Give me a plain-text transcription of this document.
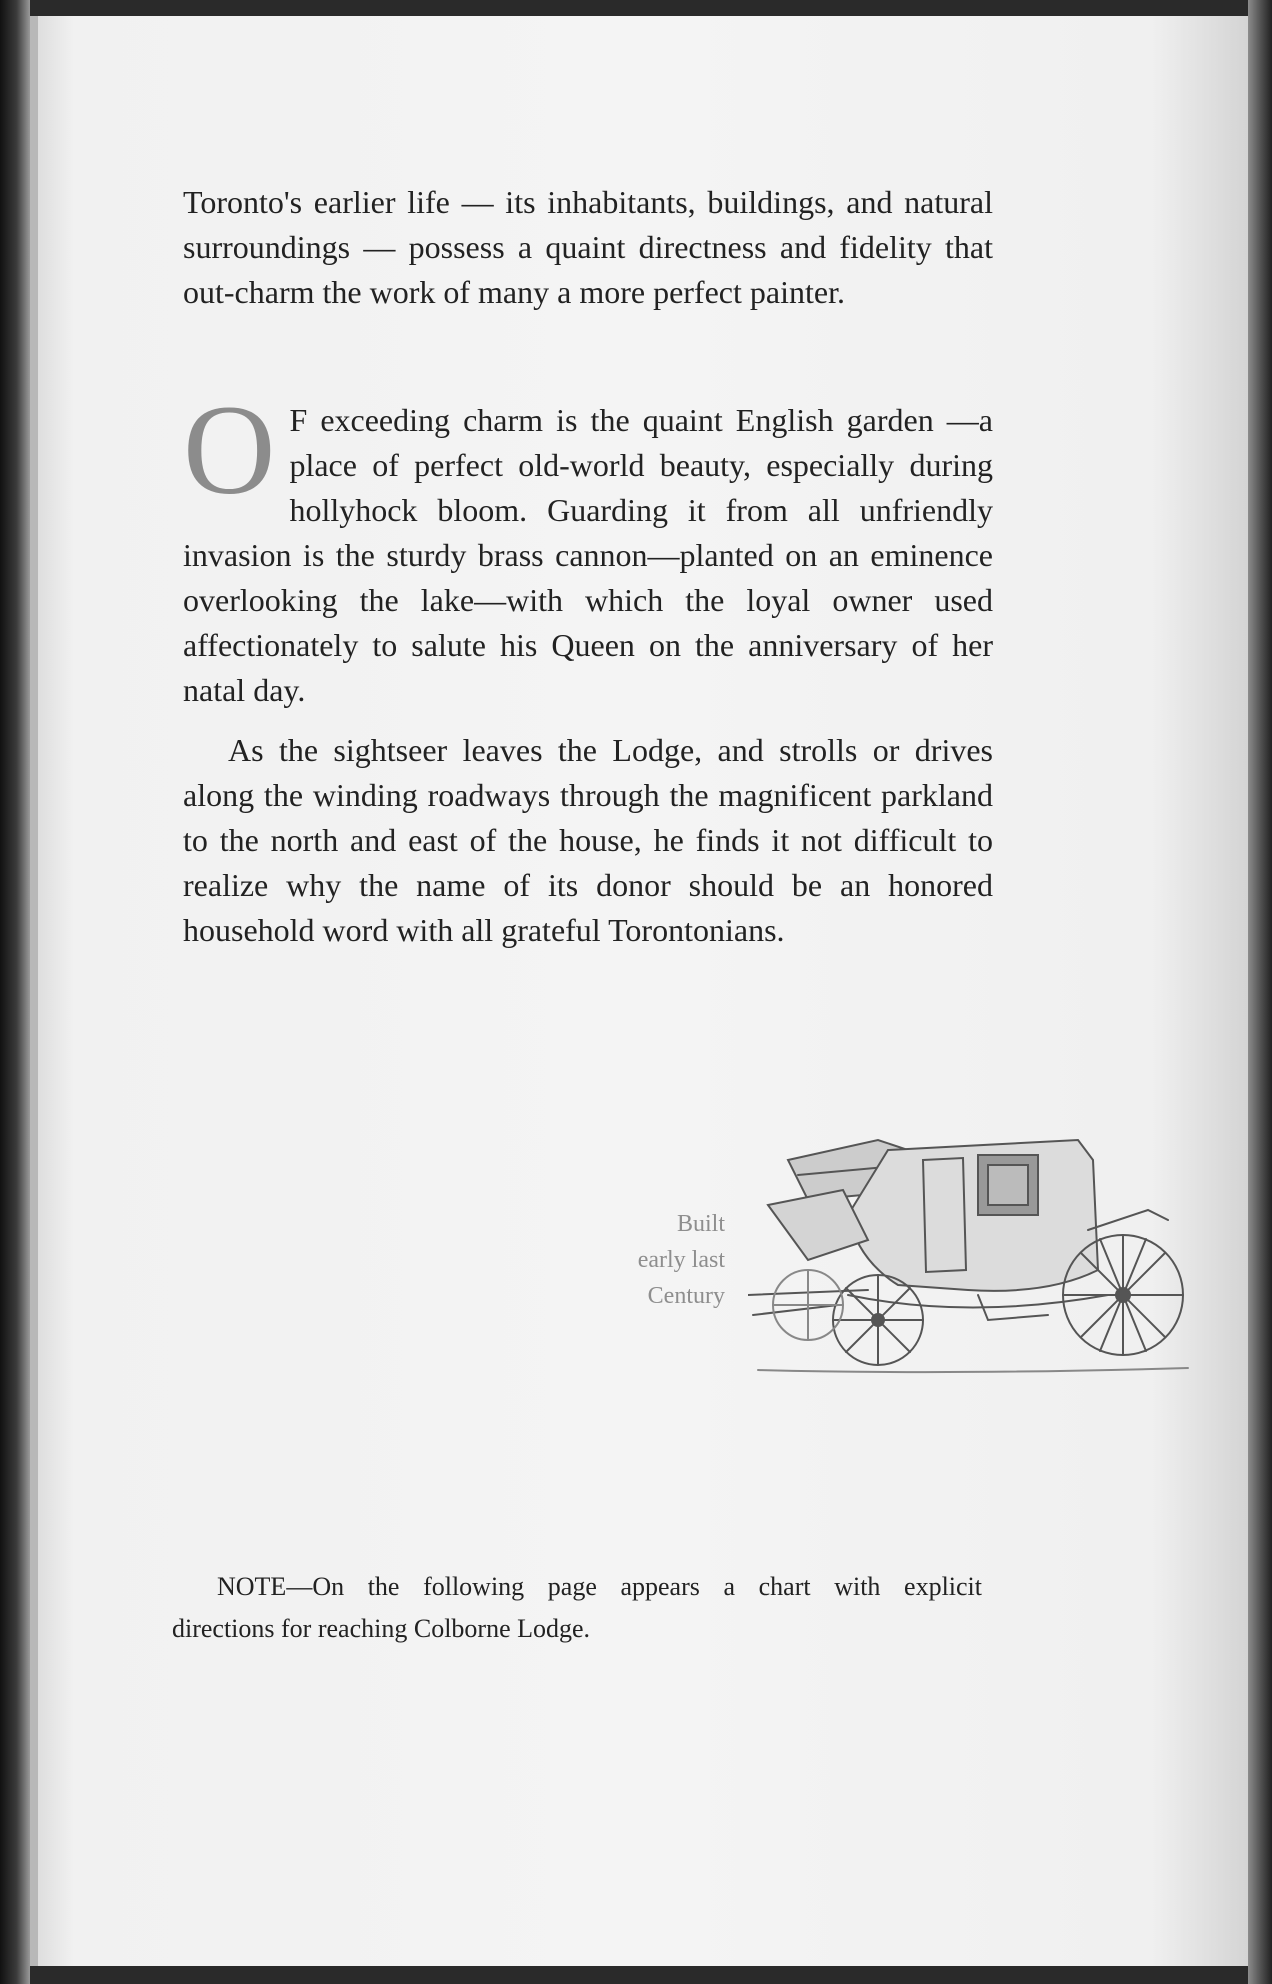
Toronto's earlier life — its inhabitants, buildings, and natural surroundings — possess a quaint directness and fidelity that out-charm the work of many a more perfect painter.

O F exceeding charm is the quaint English garden —a place of perfect old-world beauty, especially during hollyhock bloom. Guarding it from all unfriendly invasion is the sturdy brass cannon—planted on an eminence overlooking the lake—with which the loyal owner used affectionately to salute his Queen on the anniversary of her natal day.

As the sightseer leaves the Lodge, and strolls or drives along the winding roadways through the magnificent parkland to the north and east of the house, he finds it not difficult to realize why the name of its donor should be an honored household word with all grateful Torontonians.

Built
early last
Century
NOTE—On the following page appears a chart with explicit
directions for reaching Colborne Lodge.
